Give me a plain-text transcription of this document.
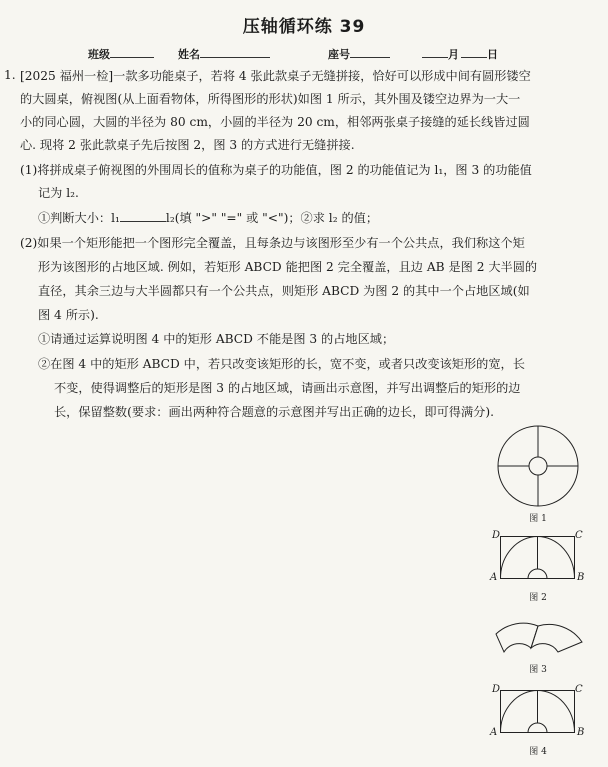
压轴循环练 39
班级	姓名	座号	月	日
1. [2025 福州一检]一款多功能桌子，若将 4 张此款桌子无缝拼接，恰好可以形成中间有圆形镂空
的大圆桌，俯视图(从上面看物体，所得图形的形状)如图 1 所示，其外围及镂空边界为一大一
小的同心圆，大圆的半径为 80 cm，小圆的半径为 20 cm，相邻两张桌子接缝的延长线皆过圆
心. 现将 2 张此款桌子先后按图 2，图 3 的方式进行无缝拼接.
(1)将拼成桌子俯视图的外围周长的值称为桌子的功能值，图 2 的功能值记为 l₁，图 3 的功能值
记为 l₂.
①判断大小：l₁	l₂(填 ">" "=" 或 "<")；②求 l₂ 的值；
(2)如果一个矩形能把一个图形完全覆盖，且每条边与该图形至少有一个公共点，我们称这个矩
形为该图形的占地区域. 例如，若矩形 ABCD 能把图 2 完全覆盖，且边 AB 是图 2 大半圆的
直径，其余三边与大半圆都只有一个公共点，则矩形 ABCD 为图 2 的其中一个占地区域(如
图 4 所示).
①请通过运算说明图 4 中的矩形 ABCD 不能是图 3 的占地区域；
②在图 4 中的矩形 ABCD 中，若只改变该矩形的长，宽不变，或者只改变该矩形的宽，长
不变，使得调整后的矩形是图 3 的占地区域，请画出示意图，并写出调整后的矩形的边
长，保留整数(要求：画出两种符合题意的示意图并写出正确的边长，即可得满分).
图 1
D	C
A	B
图 2
图 3
D	C
A	B
图 4
